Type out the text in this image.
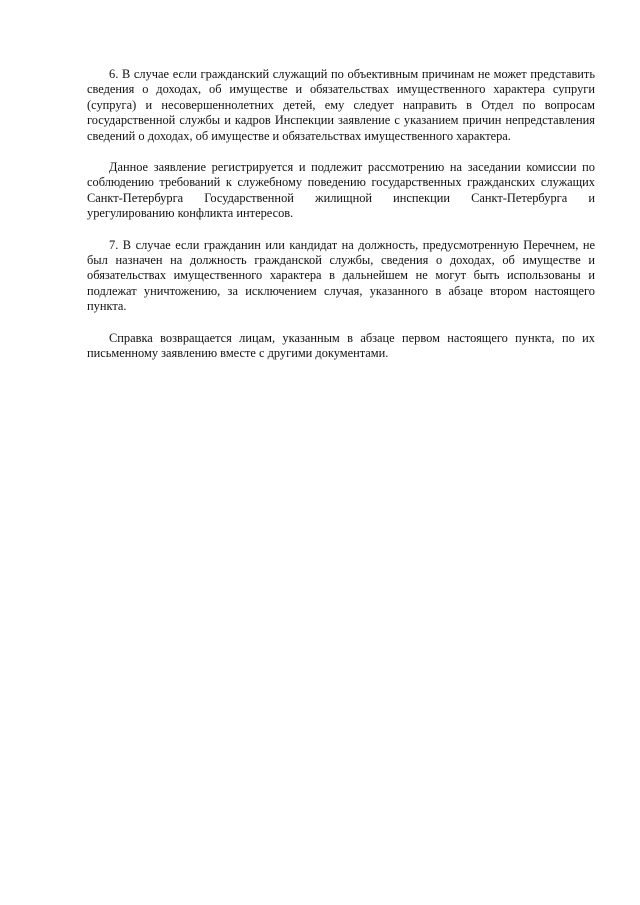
6. В случае если гражданский служащий по объективным причинам не может представить сведения о доходах, об имуществе и обязательствах имущественного характера супруги (супруга) и несовершеннолетних детей, ему следует направить в Отдел по вопросам государственной службы и кадров Инспекции заявление с указанием причин непредставления сведений о доходах, об имуществе и обязательствах имущественного характера.

Данное заявление регистрируется и подлежит рассмотрению на заседании комиссии по соблюдению требований к служебному поведению государственных гражданских служащих Санкт-Петербурга Государственной жилищной инспекции Санкт-Петербурга и урегулированию конфликта интересов.

7. В случае если гражданин или кандидат на должность, предусмотренную Перечнем, не был назначен на должность гражданской службы, сведения о доходах, об имуществе и обязательствах имущественного характера в дальнейшем не могут быть использованы и подлежат уничтожению, за исключением случая, указанного в абзаце втором настоящего пункта.

Справка возвращается лицам, указанным в абзаце первом настоящего пункта, по их письменному заявлению вместе с другими документами.
